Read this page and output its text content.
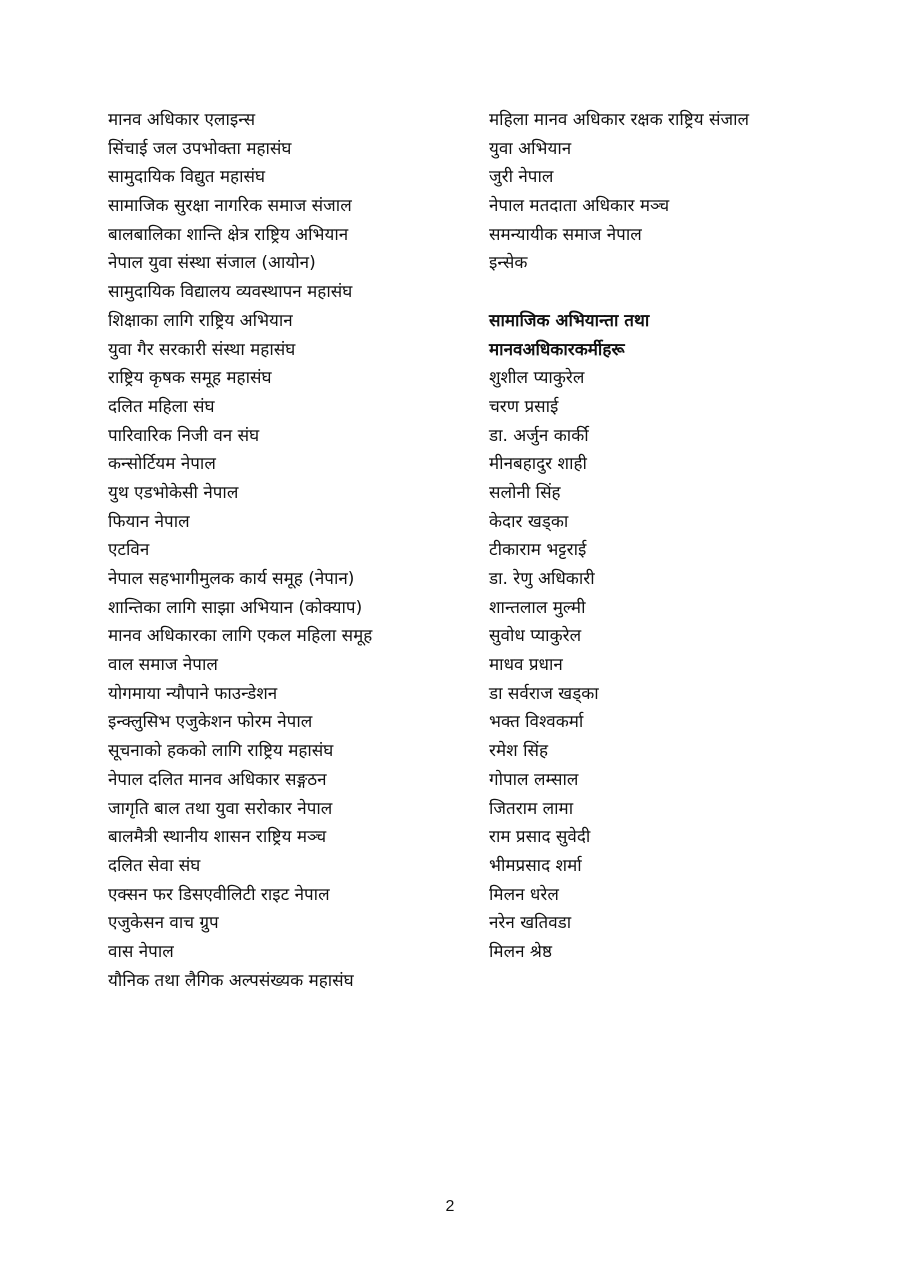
मानव अधिकार एलाइन्स
सिंचाई जल उपभोक्ता महासंघ
सामुदायिक विद्युत महासंघ
सामाजिक सुरक्षा नागरिक समाज संजाल
बालबालिका शान्ति क्षेत्र राष्ट्रिय अभियान
नेपाल युवा संस्था संजाल (आयोन)
सामुदायिक विद्यालय व्यवस्थापन महासंघ
शिक्षाका लागि राष्ट्रिय अभियान
युवा गैर सरकारी संस्था महासंघ
राष्ट्रिय कृषक समूह महासंघ
दलित महिला संघ
पारिवारिक निजी वन संघ
कन्सोर्टियम नेपाल
युथ एडभोकेसी नेपाल
फियान नेपाल
एटविन
नेपाल सहभागीमुलक कार्य समूह (नेपान)
शान्तिका लागि साझा अभियान (कोक्याप)
मानव अधिकारका लागि एकल महिला समूह
वाल समाज नेपाल
योगमाया न्यौपाने फाउन्डेशन
इन्क्लुसिभ एजुकेशन फोरम नेपाल
सूचनाको हकको लागि राष्ट्रिय महासंघ
नेपाल दलित मानव अधिकार सङ्गठन
जागृति बाल तथा युवा सरोकार नेपाल
बालमैत्री स्थानीय शासन राष्ट्रिय मञ्च
दलित सेवा संघ
एक्सन फर डिसएवीलिटी राइट नेपाल
एजुकेसन वाच ग्रुप
वास नेपाल
यौनिक तथा लैगिक अल्पसंख्यक महासंघ
महिला मानव अधिकार रक्षक राष्ट्रिय संजाल
युवा अभियान
जुरी नेपाल
नेपाल मतदाता अधिकार मञ्च
समन्यायीक समाज नेपाल
इन्सेक
सामाजिक अभियान्ता तथा
मानवअधिकारकर्मीहरू
शुशील प्याकुरेल
चरण प्रसाई
डा. अर्जुन कार्की
मीनबहादुर शाही
सलोनी सिंह
केदार खड्का
टीकाराम भट्टराई
डा. रेणु अधिकारी
शान्तलाल मुल्मी
सुवोध प्याकुरेल
माधव प्रधान
डा सर्वराज खड्का
भक्त विश्वकर्मा
रमेश सिंह
गोपाल लम्साल
जितराम लामा
राम प्रसाद सुवेदी
भीमप्रसाद शर्मा
मिलन धरेल
नरेन खतिवडा
मिलन श्रेष्ठ
2
